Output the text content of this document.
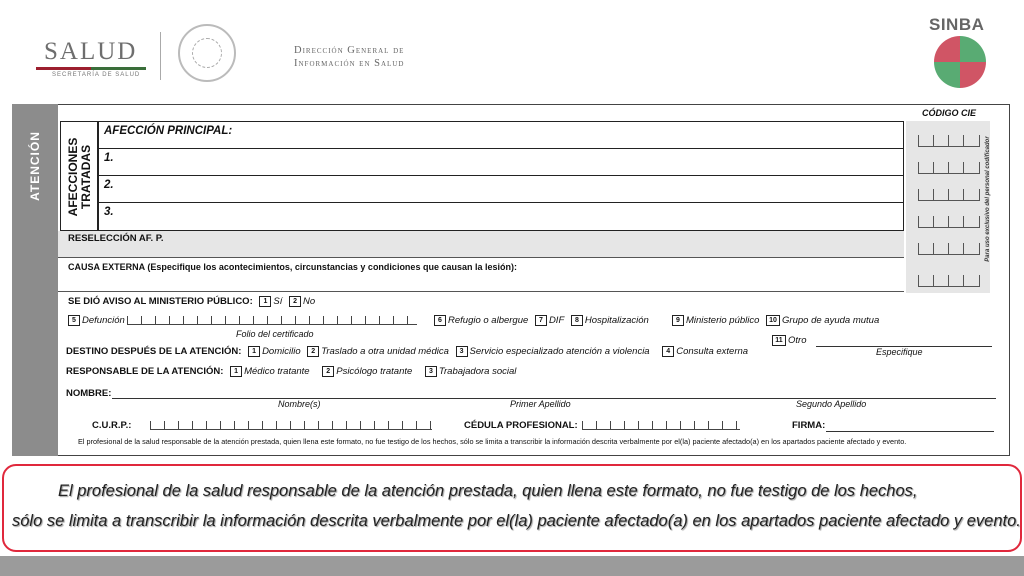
SALUD
SECRETARÍA DE SALUD
Dirección General de
Información en Salud
SINBA
ATENCIÓN
CÓDIGO CIE
AFECCIONES TRATADAS
AFECCIÓN PRINCIPAL:
1.
2.
3.	Para uso exclusivo del personal codificador
RESELECCIÓN AF. P.
CAUSA EXTERNA (Especifique los acontecimientos, circunstancias y condiciones que causan la lesión):
SE DIÓ AVISO AL MINISTERIO PÚBLICO: 1 Sí 2 No
5 Defunción	6 Refugio o albergue 7 DIF 8 Hospitalización	9 Ministerio público 10 Grupo de ayuda mutua
Folio del certificado
11 Otro
Especifique
DESTINO DESPUÉS DE LA ATENCIÓN: 1 Domicilio 2 Traslado a otra unidad médica 3 Servicio especializado atención a violencia 4 Consulta externa
RESPONSABLE DE LA ATENCIÓN: 1 Médico tratante 2 Psicólogo tratante 3 Trabajadora social
NOMBRE:
Nombre(s)	Primer Apellido	Segundo Apellido
C.U.R.P.:	CÉDULA PROFESIONAL:	FIRMA:
El profesional de la salud responsable de la atención prestada, quien llena este formato, no fue testigo de los hechos, sólo se limita a transcribir la información descrita verbalmente por el(la) paciente afectado(a) en los apartados paciente afectado y evento.

El profesional de la salud responsable de la atención prestada, quien llena este formato, no fue testigo de los hechos,

sólo se limita a transcribir la información descrita verbalmente por el(la) paciente afectado(a) en los apartados paciente afectado y evento.
